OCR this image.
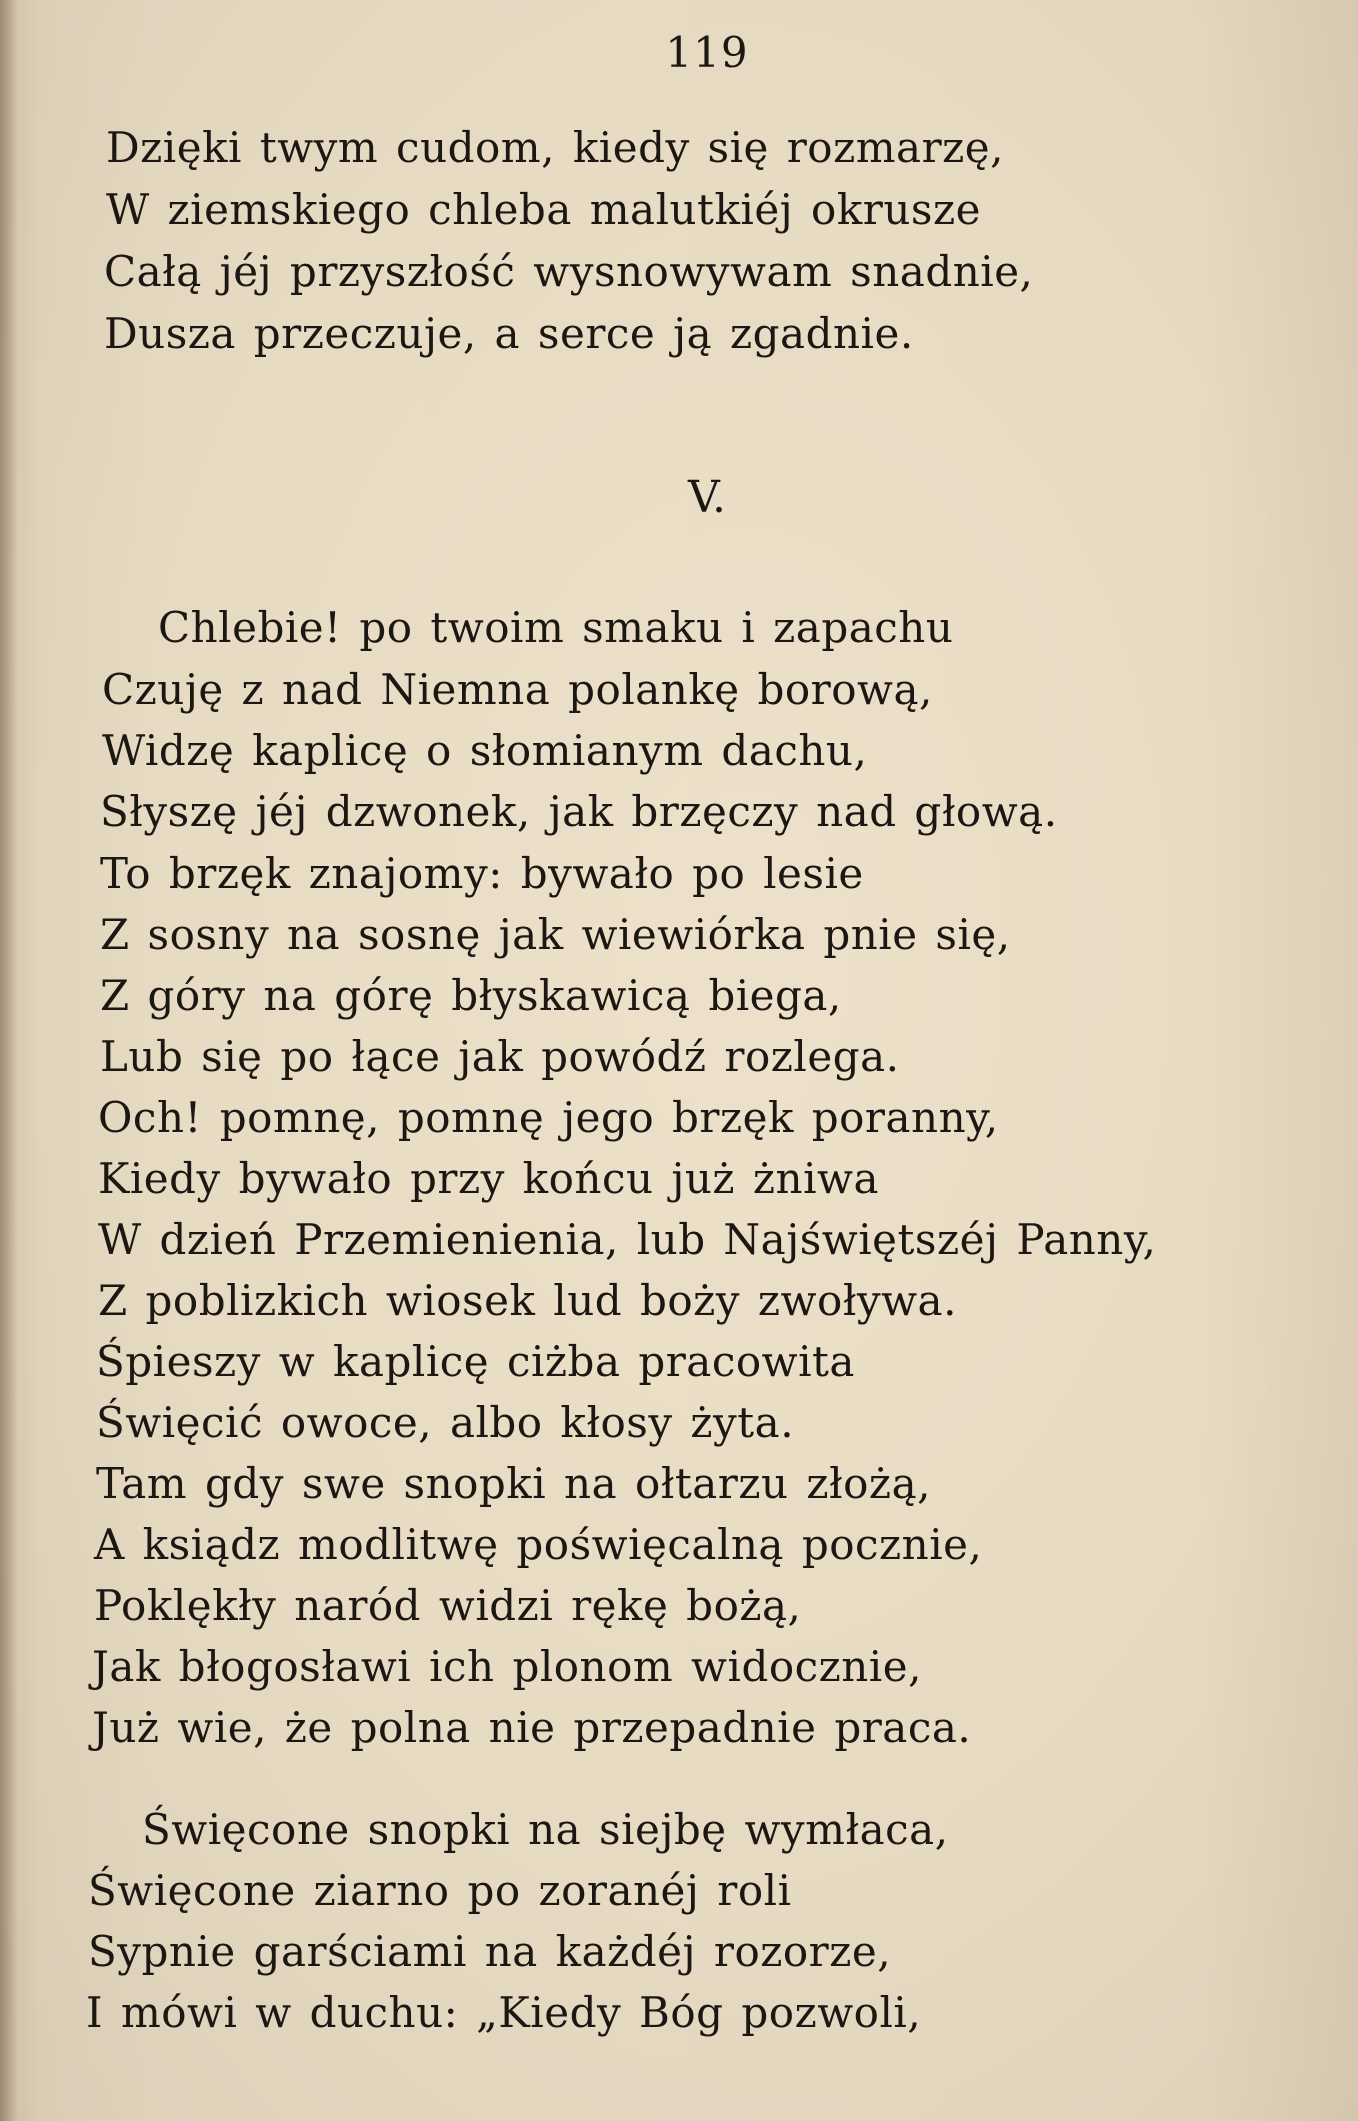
119
Dzięki twym cudom, kiedy się rozmarzę,
W ziemskiego chleba malutkiéj okrusze
Całą jéj przyszłość wysnowywam snadnie,
Dusza przeczuje, a serce ją zgadnie.
V.
Chlebie! po twoim smaku i zapachu
Czuję z nad Niemna polankę borową,
Widzę kaplicę o słomianym dachu,
Słyszę jéj dzwonek, jak brzęczy nad głową.
To brzęk znajomy: bywało po lesie
Z sosny na sosnę jak wiewiórka pnie się,
Z góry na górę błyskawicą biega,
Lub się po łące jak powódź rozlega.
Och! pomnę, pomnę jego brzęk poranny,
Kiedy bywało przy końcu już żniwa
W dzień Przemienienia, lub Najświętszéj Panny,
Z poblizkich wiosek lud boży zwoływa.
Śpieszy w kaplicę ciżba pracowita
Święcić owoce, albo kłosy żyta.
Tam gdy swe snopki na ołtarzu złożą,
A ksiądz modlitwę poświęcalną pocznie,
Poklękły naród widzi rękę bożą,
Jak błogosławi ich plonom widocznie,
Już wie, że polna nie przepadnie praca.
Święcone snopki na siejbę wymłaca,
Święcone ziarno po zoranéj roli
Sypnie garściami na każdéj rozorze,
I mówi w duchu: „Kiedy Bóg pozwoli,
